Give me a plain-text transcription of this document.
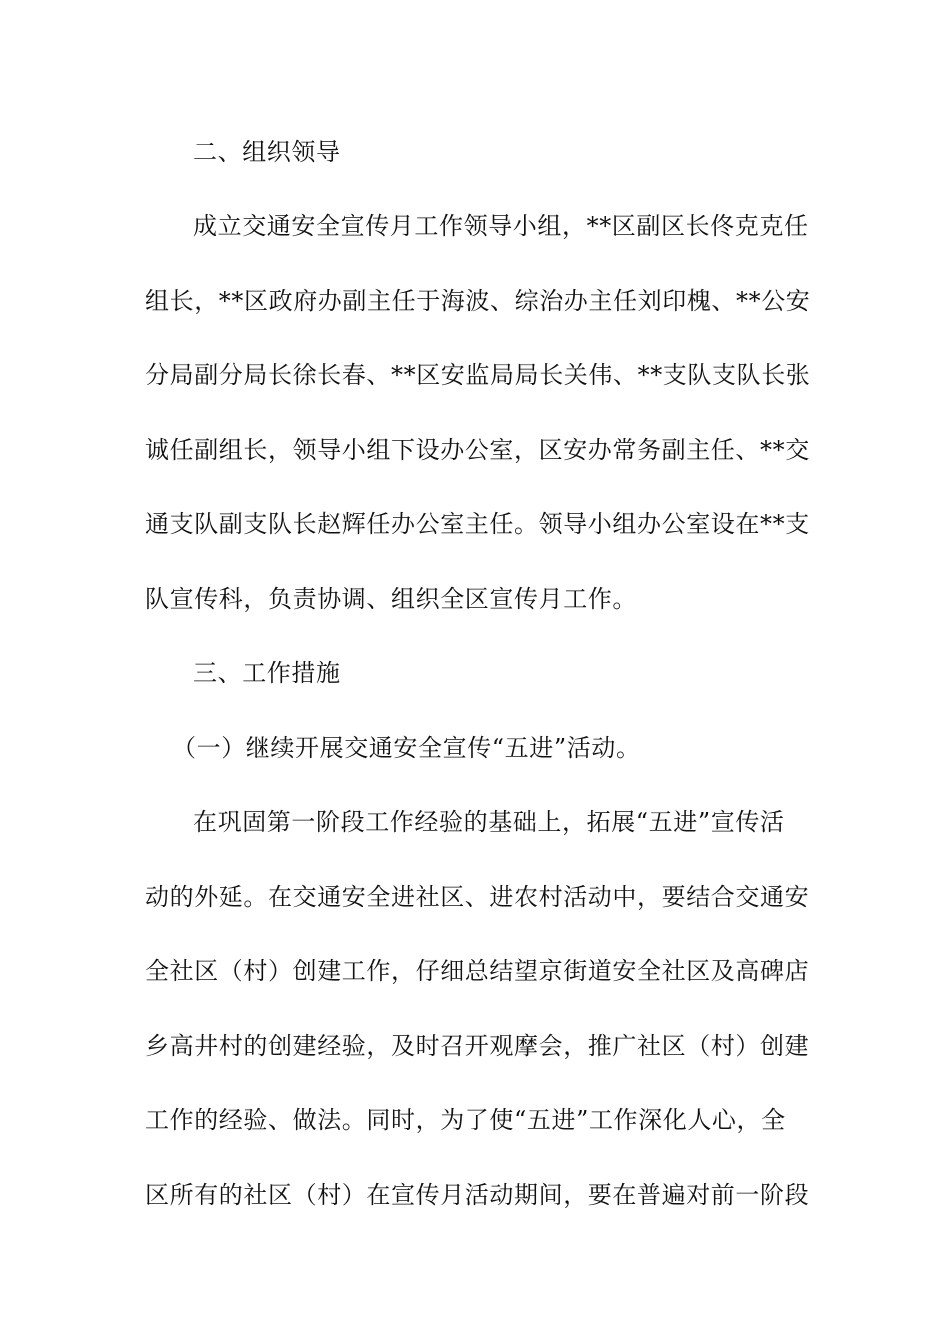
二、组织领导
成立交通安全宣传月工作领导小组，**区副区长佟克克任
组长，**区政府办副主任于海波、综治办主任刘印槐、**公安
分局副分局长徐长春、**区安监局局长关伟、**支队支队长张
诚任副组长，领导小组下设办公室，区安办常务副主任、**交
通支队副支队长赵辉任办公室主任。领导小组办公室设在**支
队宣传科，负责协调、组织全区宣传月工作。
三、工作措施
（一）继续开展交通安全宣传“五进”活动。
在巩固第一阶段工作经验的基础上，拓展“五进”宣传活
动的外延。在交通安全进社区、进农村活动中，要结合交通安
全社区（村）创建工作，仔细总结望京街道安全社区及高碑店
乡高井村的创建经验，及时召开观摩会，推广社区（村）创建
工作的经验、做法。同时，为了使“五进”工作深化人心，全
区所有的社区（村）在宣传月活动期间，要在普遍对前一阶段
